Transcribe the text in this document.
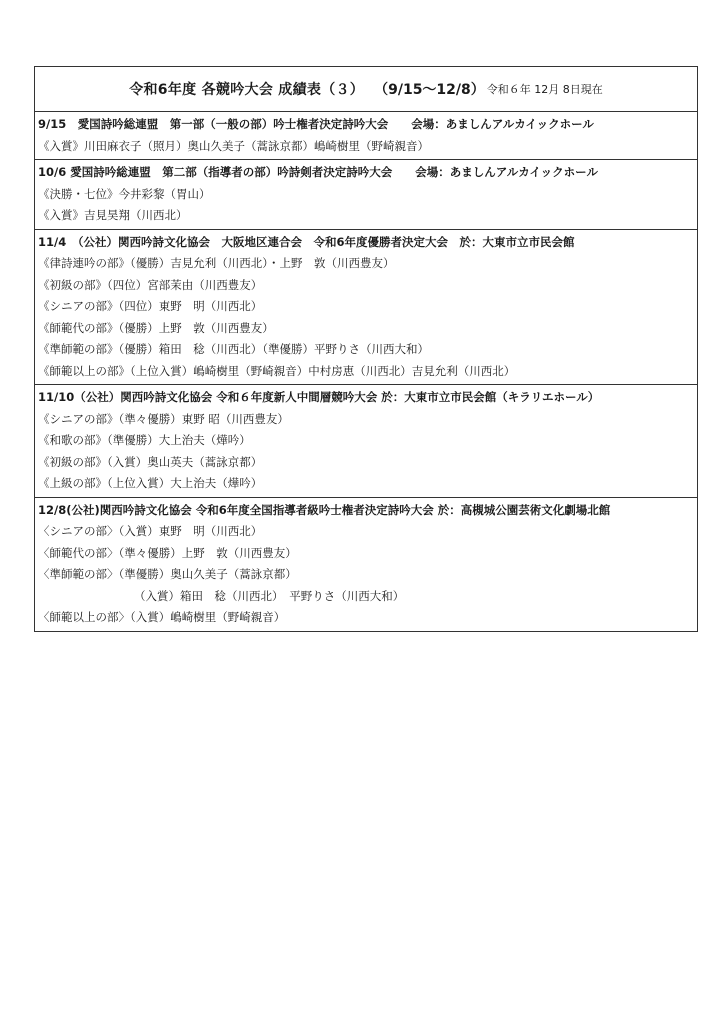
令和6年度 各競吟大会 成績表（３） （9/15～12/8） 令和６年 12月 8日現在
9/15　愛国詩吟総連盟　第一部（一般の部）吟士権者決定詩吟大会　　会場：あましんアルカイックホール
《入賞》川田麻衣子（照月）奥山久美子（蒿詠京都）嶋崎樹里（野崎親音）
10/6 愛国詩吟総連盟　第二部（指導者の部）吟詩剣者決定詩吟大会　　会場：あましんアルカイックホール
《決勝・七位》今井彩黎（胃山）
《入賞》吉見昊翔（川西北）
11/4　（公社）関西吟詩文化協会　大阪地区連合会　令和6年度優勝者決定大会　於：大東市立市民会館
《律詩連吟の部》（優勝）吉見允利（川西北）・上野　敦（川西豊友）
《初級の部》（四位）宮部茉由（川西豊友）
《シニアの部》（四位）東野　明（川西北）
《師範代の部》（優勝）上野　敦（川西豊友）
《準師範の部》（優勝）箱田　稔（川西北）（準優勝）平野りさ（川西大和）
《師範以上の部》（上位入賞）嶋崎樹里（野崎親音）中村房恵（川西北）吉見允利（川西北）
11/10（公社）関西吟詩文化協会 令和６年度新人中間層競吟大会 於：大東市立市民会館（キラリエホール）
《シニアの部》（準々優勝）東野 昭（川西豊友）
《和歌の部》（準優勝）大上治夫（燁吟）
《初級の部》（入賞）奥山英夫（蒿詠京都）
《上級の部》（上位入賞）大上治夫（燁吟）
12/8(公社)関西吟詩文化協会 令和6年度全国指導者級吟士権者決定詩吟大会 於：高槻城公園芸術文化劇場北館
〈シニアの部〉（入賞）東野　明（川西北）
〈師範代の部〉（準々優勝）上野　敦（川西豊友）
〈準師範の部〉（準優勝）奥山久美子（蒿詠京都）
（入賞）箱田　稔（川西北）　平野りさ（川西大和）
〈師範以上の部〉（入賞）嶋崎樹里（野崎親音）
